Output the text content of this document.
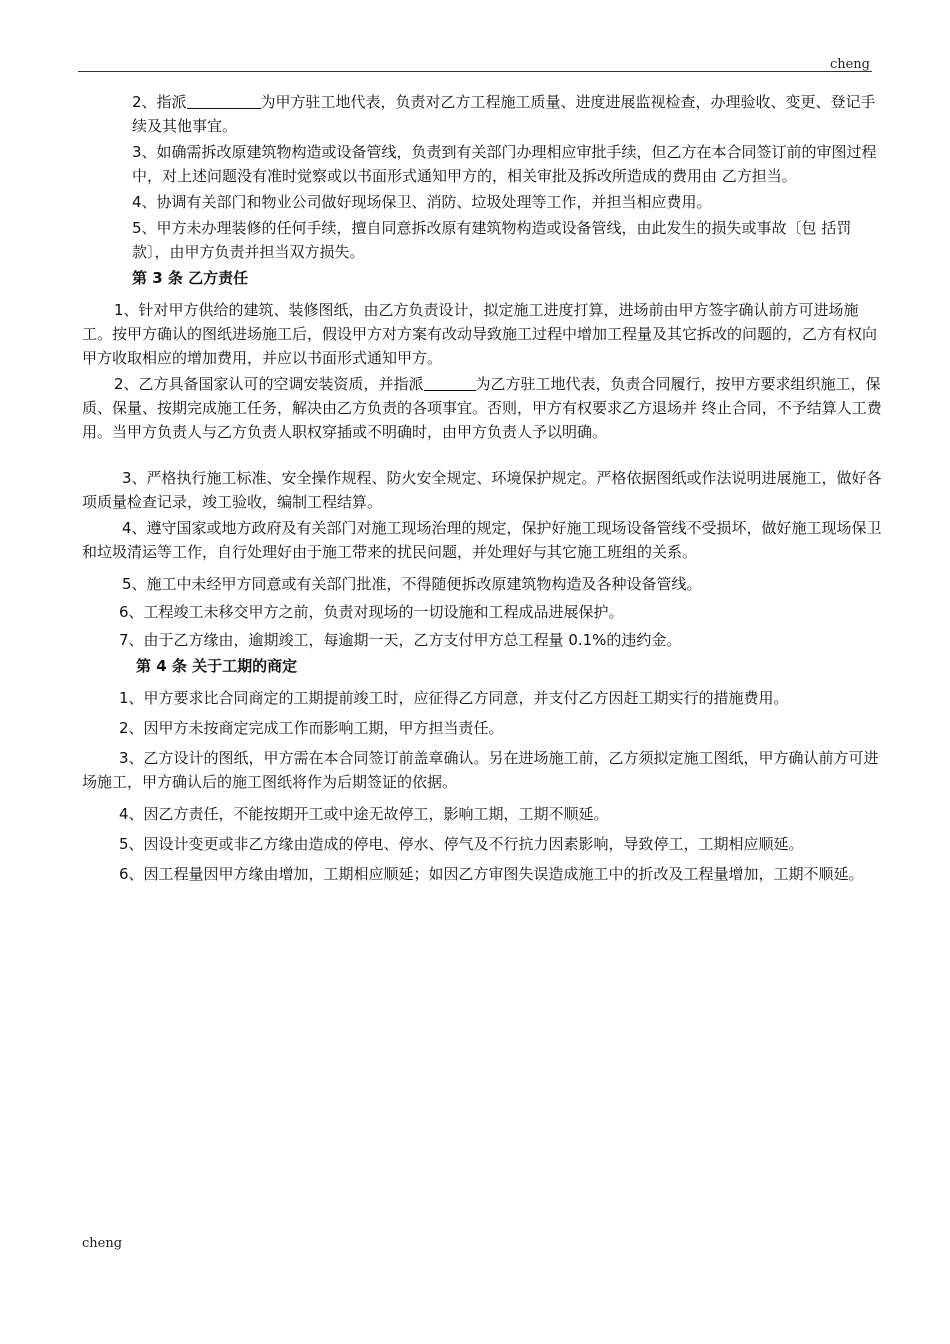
cheng

2、指派	为甲方驻工地代表，负责对乙方工程施工质量、进度进展监视检查，办理验收、变更、登记手续及其他事宜。

3、如确需拆改原建筑物构造或设备管线，负责到有关部门办理相应审批手续，但乙方在本合同签订前的审图过程中，对上述问题没有准时觉察或以书面形式通知甲方的，相关审批及拆改所造成的费用由 乙方担当。

4、协调有关部门和物业公司做好现场保卫、消防、垃圾处理等工作，并担当相应费用。

5、甲方未办理装修的任何手续，擅自同意拆改原有建筑物构造或设备管线，由此发生的损失或事故〔包 括罚款〕，由甲方负责并担当双方损失。

第 3 条 乙方责任

1、针对甲方供给的建筑、装修图纸，由乙方负责设计，拟定施工进度打算，进场前由甲方签字确认前方可进场施工。按甲方确认的图纸进场施工后，假设甲方对方案有改动导致施工过程中增加工程量及其它拆改的问题的，乙方有权向甲方收取相应的增加费用，并应以书面形式通知甲方。

2、乙方具备国家认可的空调安装资质，并指派	为乙方驻工地代表，负责合同履行，按甲方要求组织施工，保质、保量、按期完成施工任务，解决由乙方负责的各项事宜。否则，甲方有权要求乙方退场并 终止合同，不予结算人工费用。当甲方负责人与乙方负责人职权穿插或不明确时，由甲方负责人予以明确。

3、严格执行施工标准、安全操作规程、防火安全规定、环境保护规定。严格依据图纸或作法说明进展施工，做好各项质量检查记录，竣工验收，编制工程结算。

4、遵守国家或地方政府及有关部门对施工现场治理的规定，保护好施工现场设备管线不受损坏，做好施工现场保卫和垃圾清运等工作，自行处理好由于施工带来的扰民问题，并处理好与其它施工班组的关系。

5、施工中未经甲方同意或有关部门批准，不得随便拆改原建筑物构造及各种设备管线。

6、工程竣工未移交甲方之前，负责对现场的一切设施和工程成品进展保护。

7、由于乙方缘由，逾期竣工，每逾期一天，乙方支付甲方总工程量 0.1%的违约金。

第 4 条 关于工期的商定

1、甲方要求比合同商定的工期提前竣工时，应征得乙方同意，并支付乙方因赶工期实行的措施费用。

2、因甲方未按商定完成工作而影响工期，甲方担当责任。

3、乙方设计的图纸，甲方需在本合同签订前盖章确认。另在进场施工前，乙方须拟定施工图纸，甲方确认前方可进场施工，甲方确认后的施工图纸将作为后期签证的依据。

4、因乙方责任，不能按期开工或中途无故停工，影响工期，工期不顺延。

5、因设计变更或非乙方缘由造成的停电、停水、停气及不行抗力因素影响，导致停工，工期相应顺延。

6、因工程量因甲方缘由增加，工期相应顺延；如因乙方审图失误造成施工中的折改及工程量增加，工期不顺延。

cheng
